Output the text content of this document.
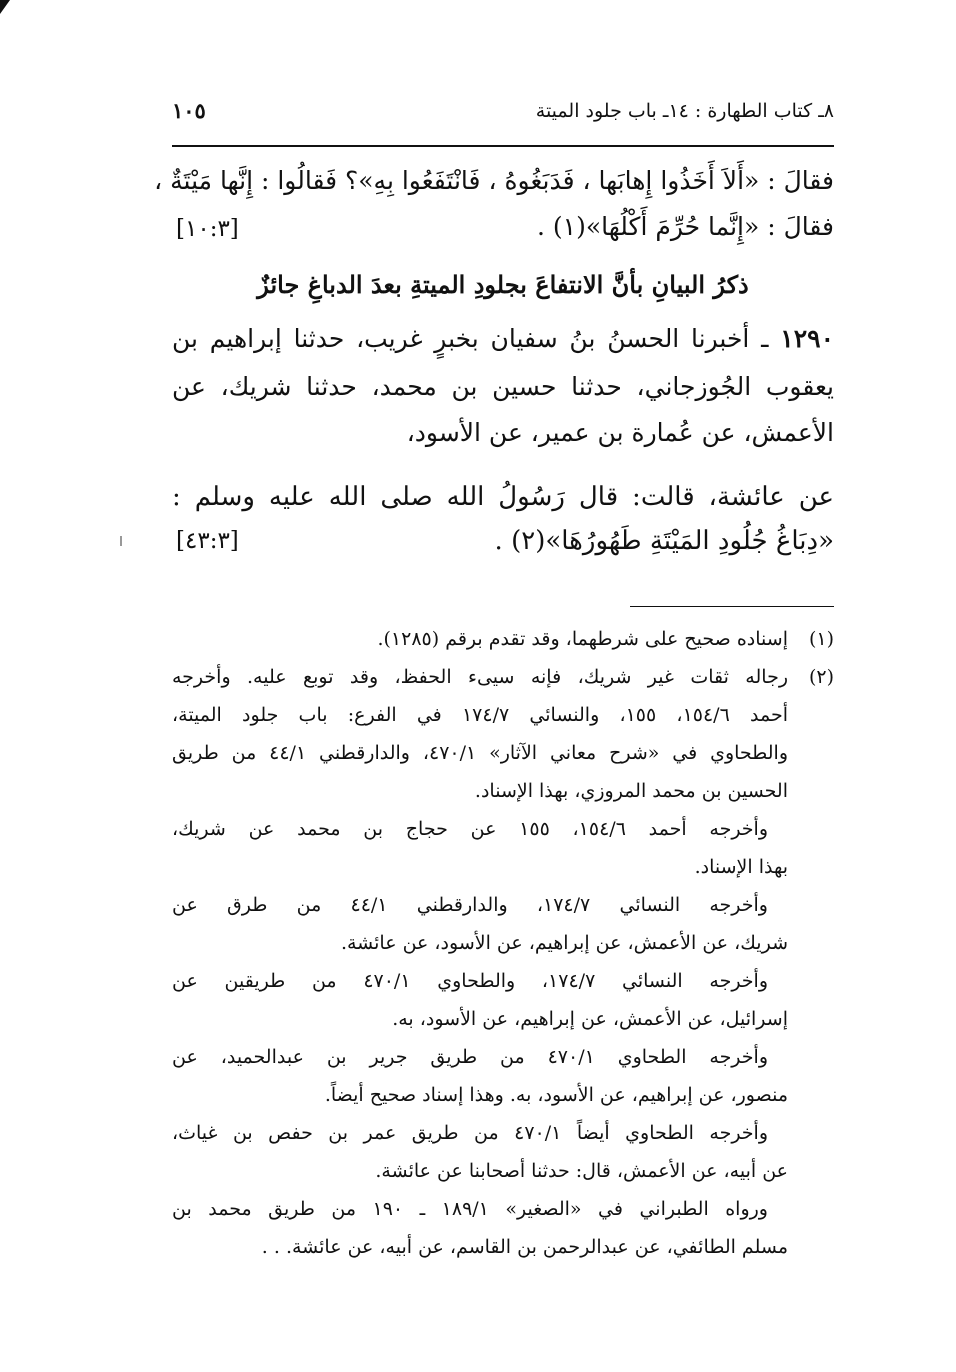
٨ـ كتاب الطهارة : ١٤ـ باب جلود الميتة
١٠٥
فقالَ : «أَلاَ أَخَذُوا إِهابَها ، فَدَبَغُوهُ ، فَانْتَفَعُوا بِهِ»؟ فَقالُوا : إِنَّها مَيْتَةٌ ،
فقالَ : «إِنَّما حُرِّمَ أَكْلُهَا»(١) .
[١٠:٣]
ذكرُ البيانِ بأنَّ الانتفاعَ بجلودِ الميتةِ بعدَ الدباغِ جائزٌ
١٢٩٠ ـ أخبرنا الحسنُ بنُ سفيان بخبرٍ غريب، حدثنا إبراهيم بن
يعقوب الجُوزجاني، حدثنا حسين بن محمد، حدثنا شريك، عن
الأعمش، عن عُمارة بن عمير، عن الأسود،
عن عائشة، قالت: قال رَسُولُ الله صلى الله عليه وسلم :
«دِبَاغُ جُلُودِ المَيْتَةِ طَهُورُهَا»(٢) .
[٤٣:٣]
(١)
إسناده صحيح على شرطهما، وقد تقدم برقم (١٢٨٥).
(٢)
رجاله ثقات غير شريك، فإنه سيىء الحفظ، وقد توبع عليه. وأخرجه
أحمد ١٥٤/٦، ١٥٥، والنسائي ١٧٤/٧ في الفرع: باب جلود الميتة،
والطحاوي في «شرح معاني الآثار» ٤٧٠/١، والدارقطني ٤٤/١ من طريق
الحسين بن محمد المروزي، بهذا الإسناد.
وأخرجه أحمد ١٥٤/٦، ١٥٥ عن حجاج بن محمد عن شريك،
بهذا الإسناد.
وأخرجه النسائي ١٧٤/٧، والدارقطني ٤٤/١ من طرق عن
شريك، عن الأعمش، عن إبراهيم، عن الأسود، عن عائشة.
وأخرجه النسائي ١٧٤/٧، والطحاوي ٤٧٠/١ من طريقين عن
إسرائيل، عن الأعمش، عن إبراهيم، عن الأسود، به.
وأخرجه الطحاوي ٤٧٠/١ من طريق جرير بن عبدالحميد، عن
منصور، عن إبراهيم، عن الأسود، به. وهذا إسناد صحيح أيضاً.
وأخرجه الطحاوي أيضاً ٤٧٠/١ من طريق عمر بن حفص بن غياث،
عن أبيه، عن الأعمش، قال: حدثنا أصحابنا عن عائشة.
ورواه الطبراني في «الصغير» ١٨٩/١ ـ ١٩٠ من طريق محمد بن
مسلم الطائفي، عن عبدالرحمن بن القاسم، عن أبيه، عن عائشة. . .
